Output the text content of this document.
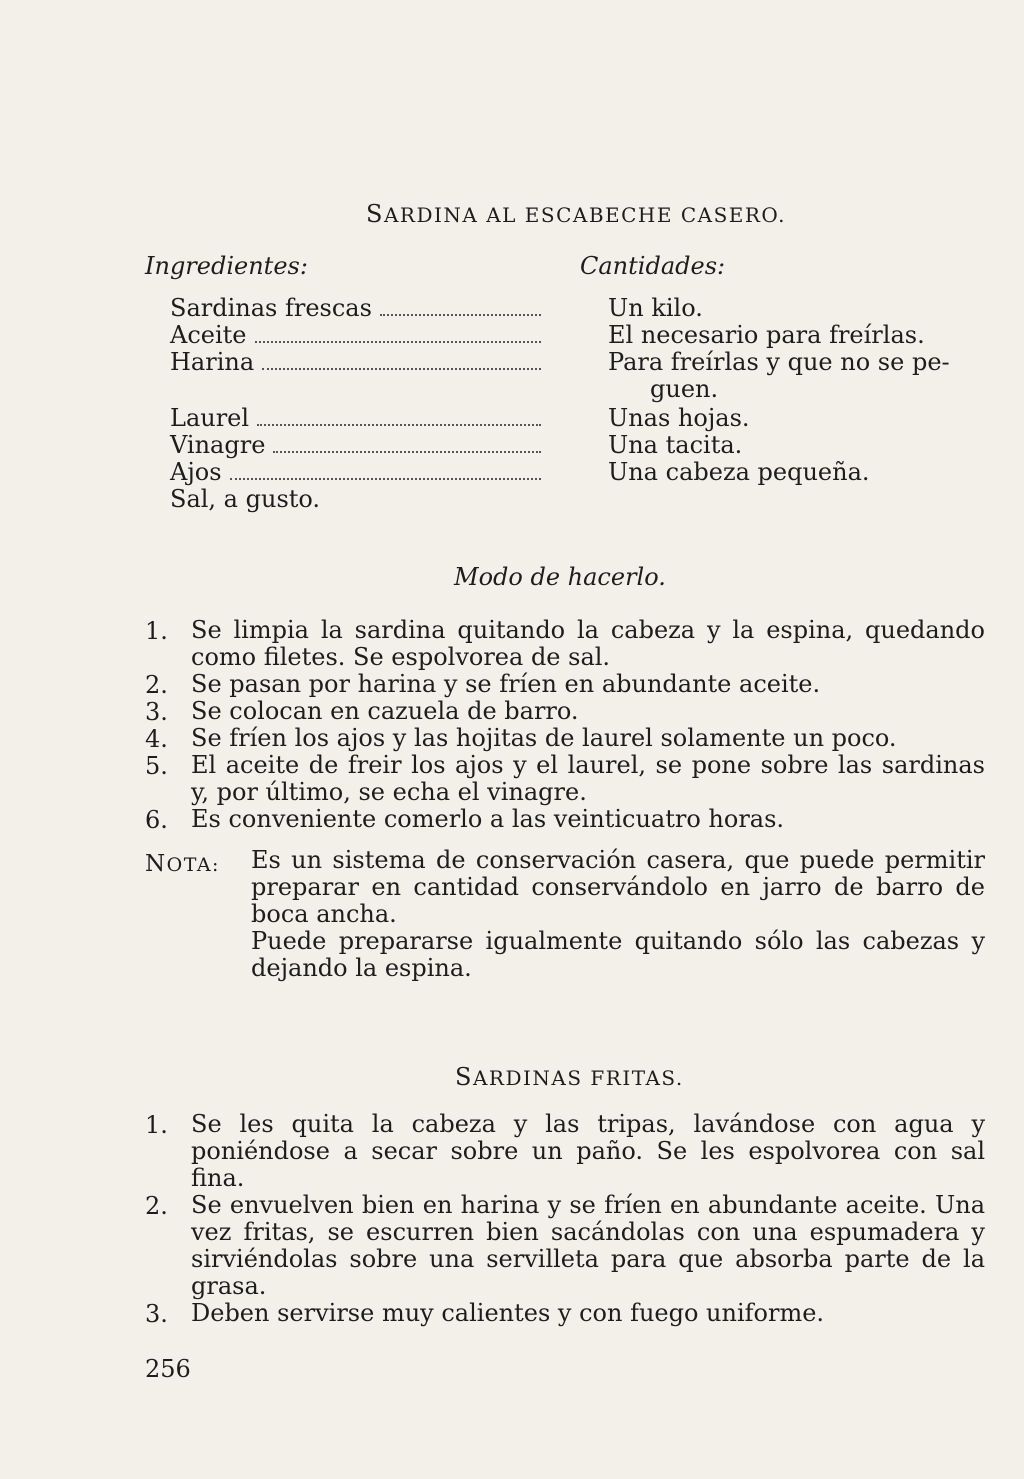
SARDINA AL ESCABECHE CASERO.
Ingredientes:	Cantidades:
Sardinas frescas
Aceite
Harina
Laurel
Vinagre
Ajos
Sal, a gusto.
Un kilo.
El necesario para freírlas.
Para freírlas y que no se pe-
guen.
Unas hojas.
Una tacita.
Una cabeza pequeña.
Modo de hacerlo.
1. Se limpia la sardina quitando la cabeza y la espina, quedando como filetes. Se espolvorea de sal.
2. Se pasan por harina y se fríen en abundante aceite.
3. Se colocan en cazuela de barro.
4. Se fríen los ajos y las hojitas de laurel solamente un poco.
5. El aceite de freir los ajos y el laurel, se pone sobre las sardinas y, por último, se echa el vinagre.
6. Es conveniente comerlo a las veinticuatro horas.
NOTA: Es un sistema de conservación casera, que puede permitir preparar en cantidad conservándolo en jarro de barro de boca ancha.
Puede prepararse igualmente quitando sólo las cabezas y dejando la espina.
SARDINAS FRITAS.
1. Se les quita la cabeza y las tripas, lavándose con agua y poniéndose a secar sobre un paño. Se les espolvorea con sal fina.
2. Se envuelven bien en harina y se fríen en abundante aceite. Una vez fritas, se escurren bien sacándolas con una espumadera y sirviéndolas sobre una servilleta para que absorba parte de la grasa.
3. Deben servirse muy calientes y con fuego uniforme.
256
